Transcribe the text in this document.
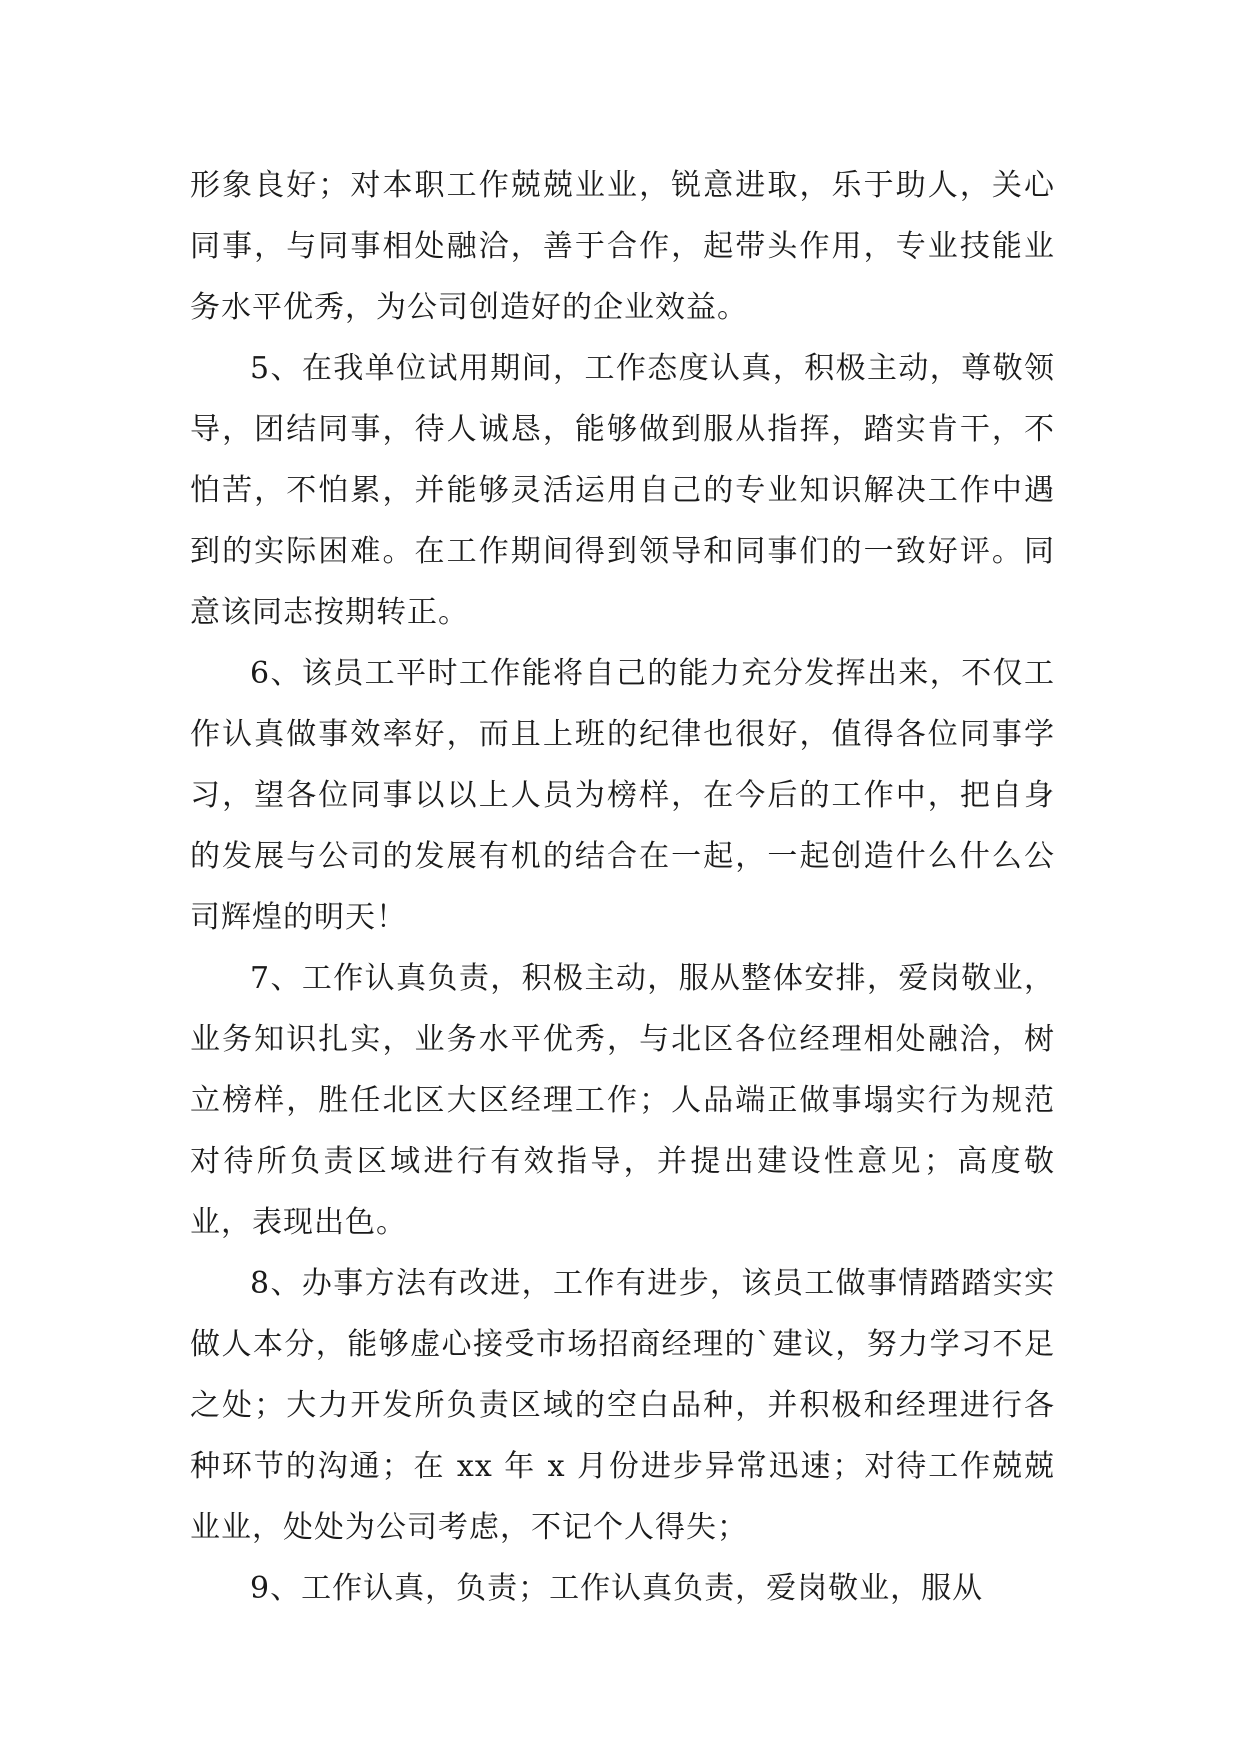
形象良好；对本职工作兢兢业业，锐意进取，乐于助人，关心同事，与同事相处融洽，善于合作，起带头作用，专业技能业务水平优秀，为公司创造好的企业效益。

5、在我单位试用期间，工作态度认真，积极主动，尊敬领导，团结同事，待人诚恳，能够做到服从指挥，踏实肯干，不怕苦，不怕累，并能够灵活运用自己的专业知识解决工作中遇到的实际困难。在工作期间得到领导和同事们的一致好评。同意该同志按期转正。

6、该员工平时工作能将自己的能力充分发挥出来，不仅工作认真做事效率好，而且上班的纪律也很好，值得各位同事学习，望各位同事以以上人员为榜样，在今后的工作中，把自身的发展与公司的发展有机的结合在一起，一起创造什么什么公司辉煌的明天！

7、工作认真负责，积极主动，服从整体安排，爱岗敬业，业务知识扎实，业务水平优秀，与北区各位经理相处融洽，树立榜样，胜任北区大区经理工作；人品端正做事塌实行为规范对待所负责区域进行有效指导，并提出建设性意见；高度敬业，表现出色。

8、办事方法有改进，工作有进步，该员工做事情踏踏实实做人本分，能够虚心接受市场招商经理的`建议，努力学习不足之处；大力开发所负责区域的空白品种，并积极和经理进行各种环节的沟通；在 xx 年 x 月份进步异常迅速；对待工作兢兢业业，处处为公司考虑，不记个人得失；

9、工作认真，负责；工作认真负责，爱岗敬业，服从
